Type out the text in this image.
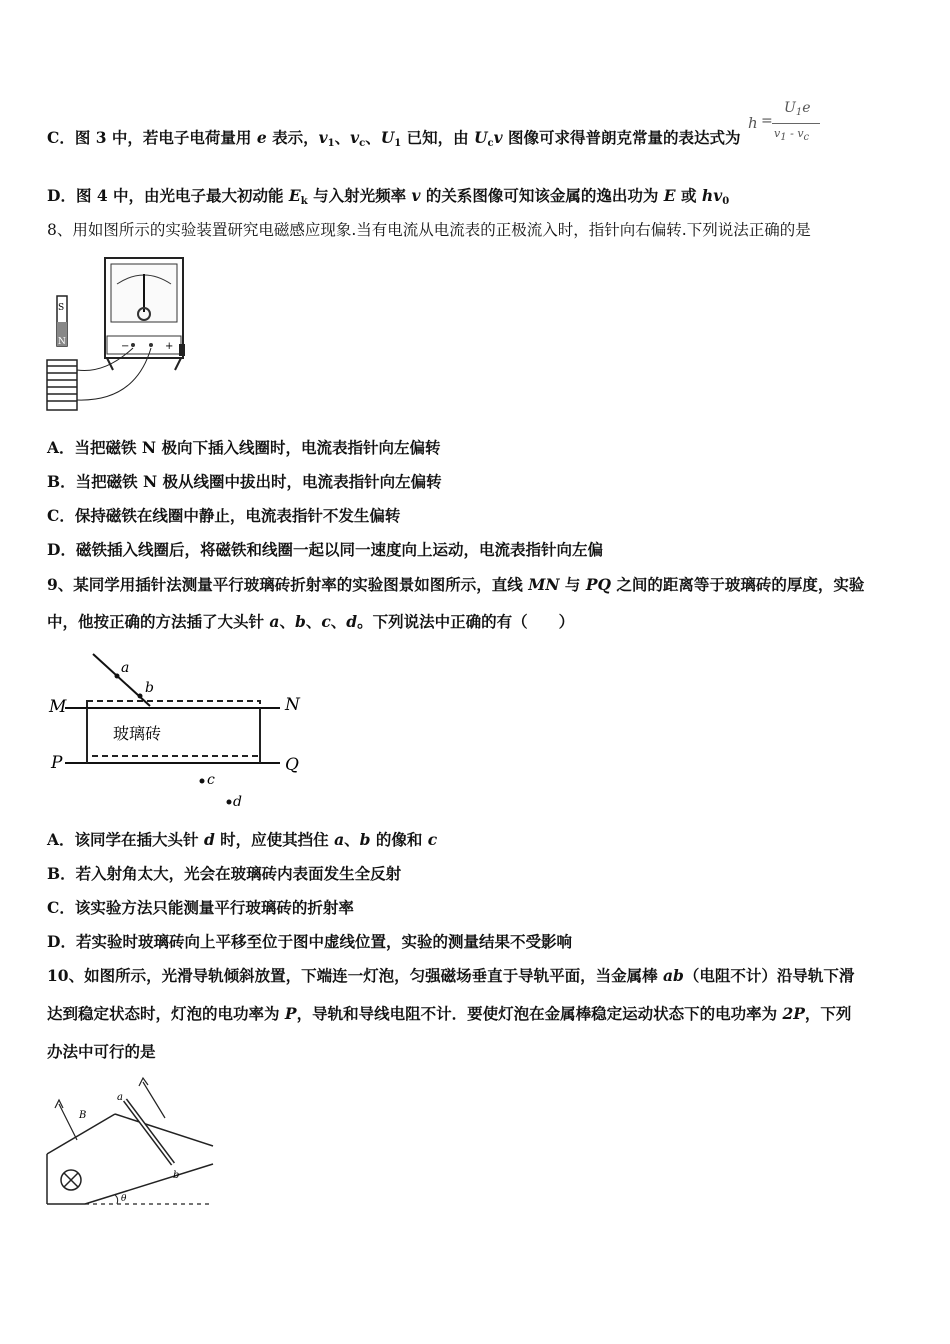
C．图 3 中，若电子电荷量用 e 表示，$v_1$、$v_c$、$U_1$ 已知，由 $U_cv$ 图像可求得普朗克常量的表达式为
h =
$U_1e$
$v_1 - v_c$
D．图 4 中，由光电子最大初动能 $E_k$ 与入射光频率 v 的关系图像可知该金属的逸出功为 E 或 $hv_0$
8、用如图所示的实验装置研究电磁感应现象.当有电流从电流表的正极流入时，指针向右偏转.下列说法正确的是
−	+
S
N
A．当把磁铁 N 极向下插入线圈时，电流表指针向左偏转
B．当把磁铁 N 极从线圈中拔出时，电流表指针向左偏转
C．保持磁铁在线圈中静止，电流表指针不发生偏转
D．磁铁插入线圈后，将磁铁和线圈一起以同一速度向上运动，电流表指针向左偏
9、某同学用插针法测量平行玻璃砖折射率的实验图景如图所示，直线 MN 与 PQ 之间的距离等于玻璃砖的厚度，实验
中，他按正确的方法插了大头针 a、b、c、d。下列说法中正确的有（　　）
M	N
P	Q
a
b
c
d
玻璃砖
A．该同学在插大头针 d 时，应使其挡住 a、b 的像和 c
B．若入射角太大，光会在玻璃砖内表面发生全反射
C．该实验方法只能测量平行玻璃砖的折射率
D．若实验时玻璃砖向上平移至位于图中虚线位置，实验的测量结果不受影响
10、如图所示，光滑导轨倾斜放置，下端连一灯泡，匀强磁场垂直于导轨平面，当金属棒 ab（电阻不计）沿导轨下滑
达到稳定状态时，灯泡的电功率为 P，导轨和导线电阻不计．要使灯泡在金属棒稳定运动状态下的电功率为 2P，下列
办法中可行的是
B
a
b
θ
